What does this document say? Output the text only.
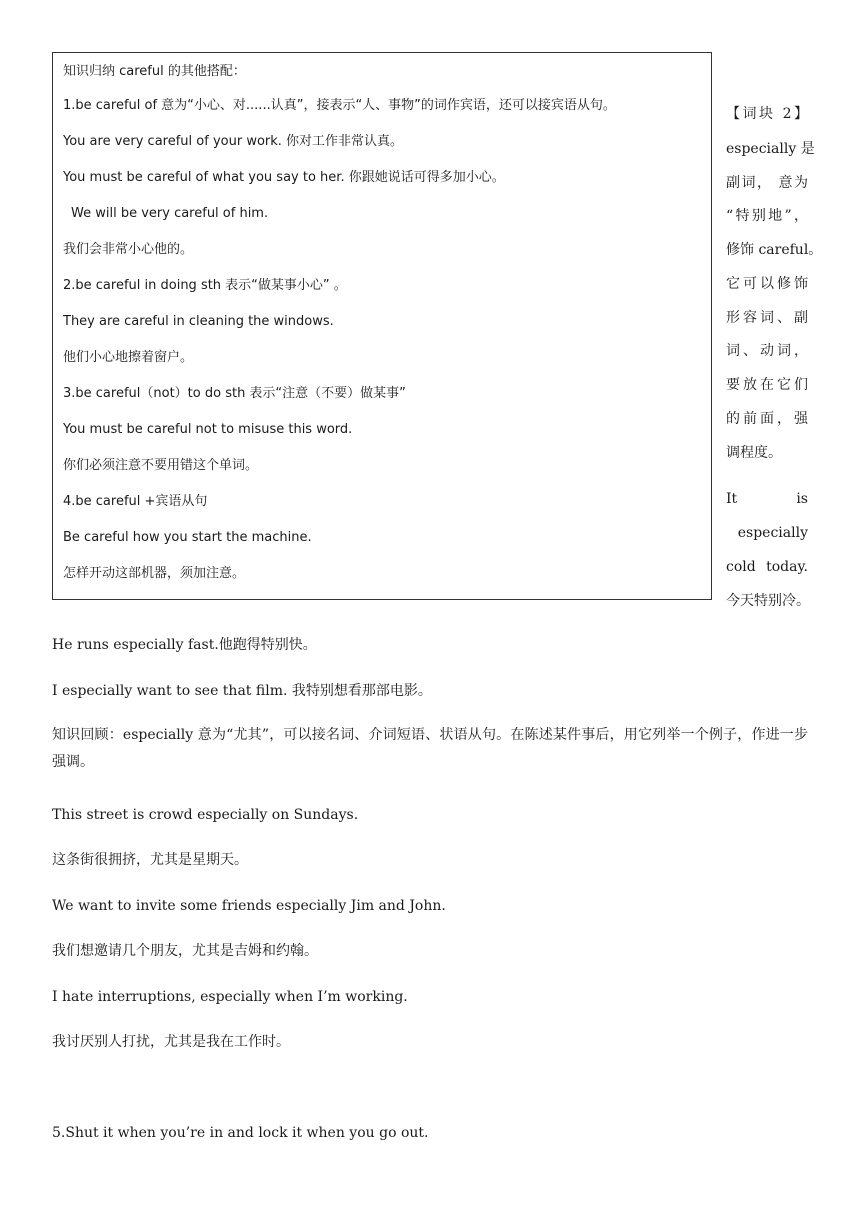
知识归纳 careful 的其他搭配：
1.be careful of 意为“小心、对......认真”，接表示“人、事物”的词作宾语，还可以接宾语从句。
You are very careful of your work. 你对工作非常认真。
You must be careful of what you say to her. 你跟她说话可得多加小心。
We will be very careful of him.
我们会非常小心他的。
2.be careful in doing sth 表示“做某事小心” 。
They are careful in cleaning the windows.
他们小心地擦着窗户。
3.be careful（not）to do sth 表示“注意（不要）做某事”
You must be careful not to misuse this word.
你们必须注意不要用错这个单词。
4.be careful +宾语从句
Be careful how you start the machine.
怎样开动这部机器，须加注意。
【词块 2】
especially 是
副词， 意为
“特别地”，
修饰 careful。
它可以修饰
形容词、副
词、动词，
要放在它们
的前面，强
调程度。
It is
especially
cold today.
今天特别冷。
He runs especially fast.他跑得特别快。
I especially want to see that film. 我特别想看那部电影。
知识回顾：especially 意为“尤其”，可以接名词、介词短语、状语从句。在陈述某件事后，用它列举一个例子，作进一步强调。
This street is crowd especially on Sundays.
这条街很拥挤，尤其是星期天。
We want to invite some friends especially Jim and John.
我们想邀请几个朋友，尤其是吉姆和约翰。
I hate interruptions, especially when I’m working.
我讨厌别人打扰，尤其是我在工作时。
5.Shut it when you’re in and lock it when you go out.
